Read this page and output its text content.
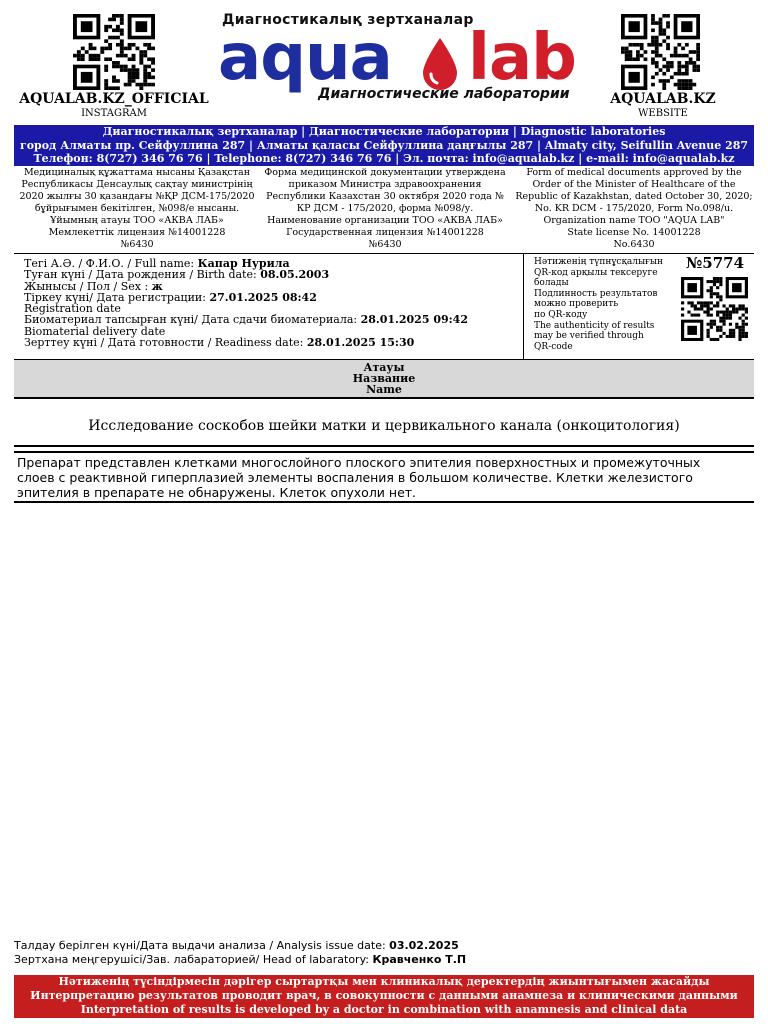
AQUALAB.KZ_OFFICIAL
INSTAGRAM
AQUALAB.KZ
WEBSITE
Диагностикалық зертханалар
aqua lab
Диагностические лаборатории
Диагностикалық зертханалар | Диагностические лаборатории | Diagnostic laboratories
город Алматы пр. Сейфуллина 287 | Алматы қаласы Сейфуллина даңғылы 287 | Almaty city, Seifullin Avenue 287
Телефон: 8(727) 346 76 76 | Telephone: 8(727) 346 76 76 | Эл. почта: info@aqualab.kz | e-mail: info@aqualab.kz
Медициналық құжаттама нысаны Қазақстан
Республикасы Денсаулық сақтау министрінің
2020 жылғы 30 қазандағы №ҚР ДСМ-175/2020
бұйрығымен бекітілген, №098/е нысаны.
Ұйымның атауы ТОО «АКВА ЛАБ»
Мемлекеттік лицензия №14001228
№6430
Форма медицинской документации утверждена
приказом Министра здравоохранения
Республики Казахстан 30 октября 2020 года №
КР ДСМ - 175/2020, форма №098/у.
Наименование организации ТОО «АКВА ЛАБ»
Государственная лицензия №14001228
№6430
Form of medical documents approved by the
Order of the Minister of Healthcare of the
Republic of Kazakhstan, dated October 30, 2020;
No. KR DCM - 175/2020, Form No.098/u.
Organization name TOO "AQUA LAB"
State license No. 14001228
No.6430
Тегі А.Ә. / Ф.И.О. / Full name: Капар Нурила
Туған күні / Дата рождения / Birth date: 08.05.2003
Жынысы / Пол / Sex : ж
Тіркеу күні/ Дата регистрации: 27.01.2025 08:42
Registration date
Биоматериал тапсырған күні/ Дата сдачи биоматериала: 28.01.2025 09:42
Biomaterial delivery date
Зерттеу күні / Дата готовности / Readiness date: 28.01.2025 15:30
Нәтиженің түпнұсқалығын
QR-код арқылы тексеруге
болады
Подлинность результатов
можно проверить
по QR-коду
The authenticity of results
may be verified through
QR-code
№5774
Атауы
Название
Name
Исследование соскобов шейки матки и цервикального канала (онкоцитология)
Препарат представлен клетками многослойного плоского эпителия поверхностных и промежуточных
слоев с реактивной гиперплазией элементы воспаления в большом количестве. Клетки железистого
эпителия в препарате не обнаружены. Клеток опухоли нет.
Талдау берілген күні/Дата выдачи анализа / Analysis issue date: 03.02.2025
Зертхана меңгерушісі/Зав. лабараторией/ Head of labaratory: Кравченко Т.П
Нәтиженің түсіндірмесін дәрігер сыртартқы мен клиникалық деректердің жиынтығымен жасайды
Интерпретацию результатов проводит врач, в совокупности с данными анамнеза и клиническими данными
Interpretation of results is developed by a doctor in combination with anamnesis and clinical data
